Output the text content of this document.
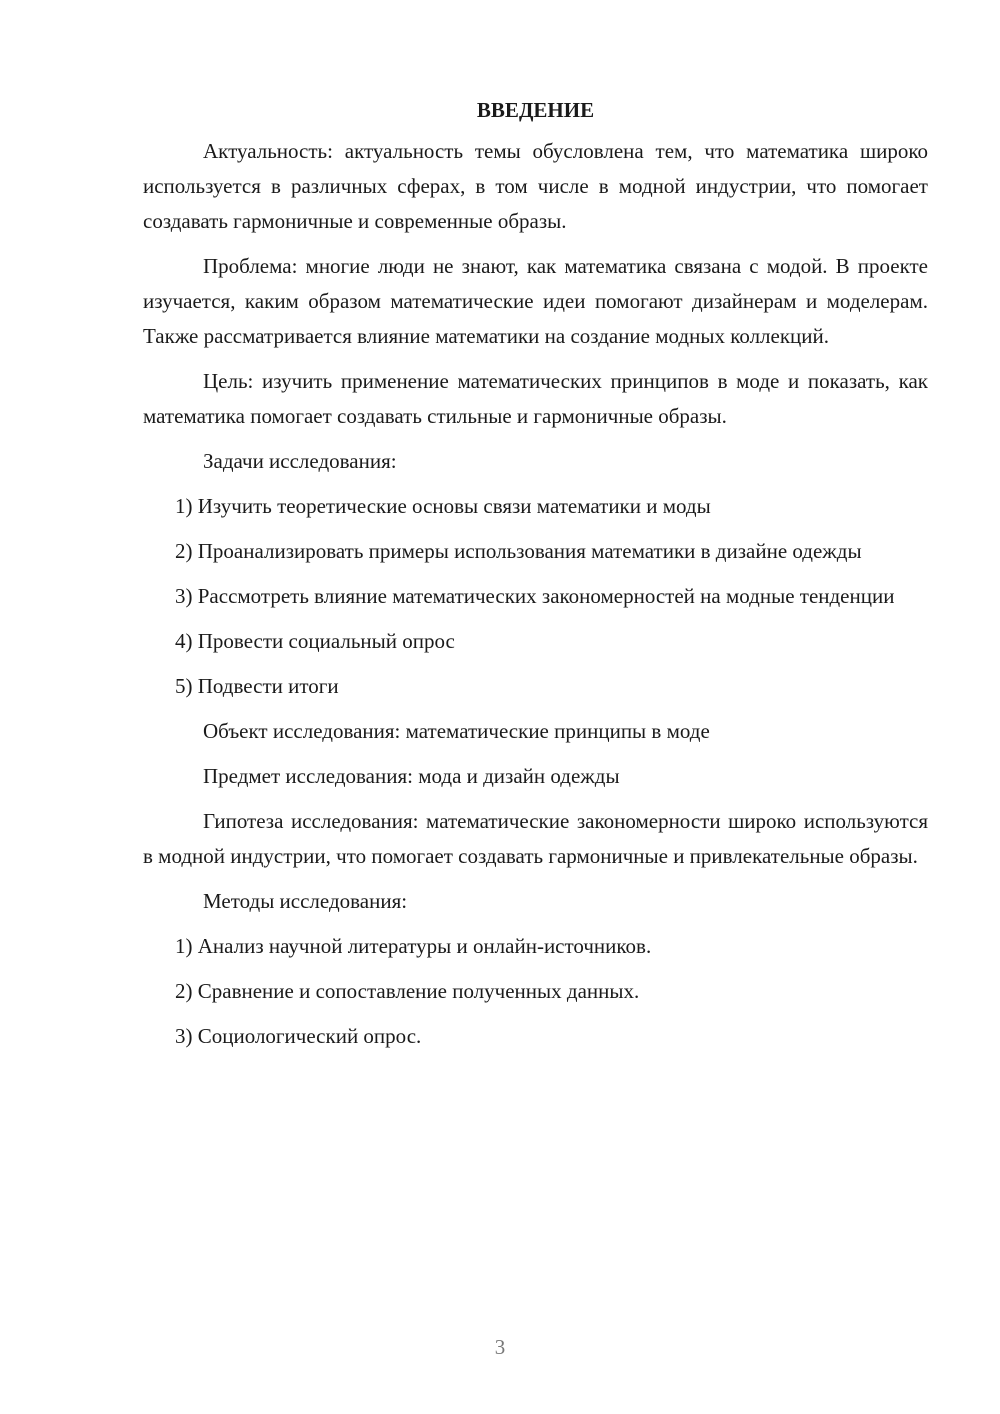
ВВЕДЕНИЕ

Актуальность: актуальность темы обусловлена тем, что математика широко используется в различных сферах, в том числе в модной индустрии, что помогает создавать гармоничные и современные образы.

Проблема: многие люди не знают, как математика связана с модой. В проекте изучается, каким образом математические идеи помогают дизайнерам и моделерам. Также рассматривается влияние математики на создание модных коллекций.

Цель: изучить применение математических принципов в моде и показать, как математика помогает создавать стильные и гармоничные образы.

Задачи исследования:

1) Изучить теоретические основы связи математики и моды

2) Проанализировать примеры использования математики в дизайне одежды

3) Рассмотреть влияние математических закономерностей на модные тенденции

4) Провести социальный опрос

5) Подвести итоги

Объект исследования: математические принципы в моде

Предмет исследования: мода и дизайн одежды

Гипотеза исследования: математические закономерности широко используются в модной индустрии, что помогает создавать гармоничные и привлекательные образы.

Методы исследования:

1) Анализ научной литературы и онлайн-источников.

2) Сравнение и сопоставление полученных данных.

3) Социологический опрос.

3
